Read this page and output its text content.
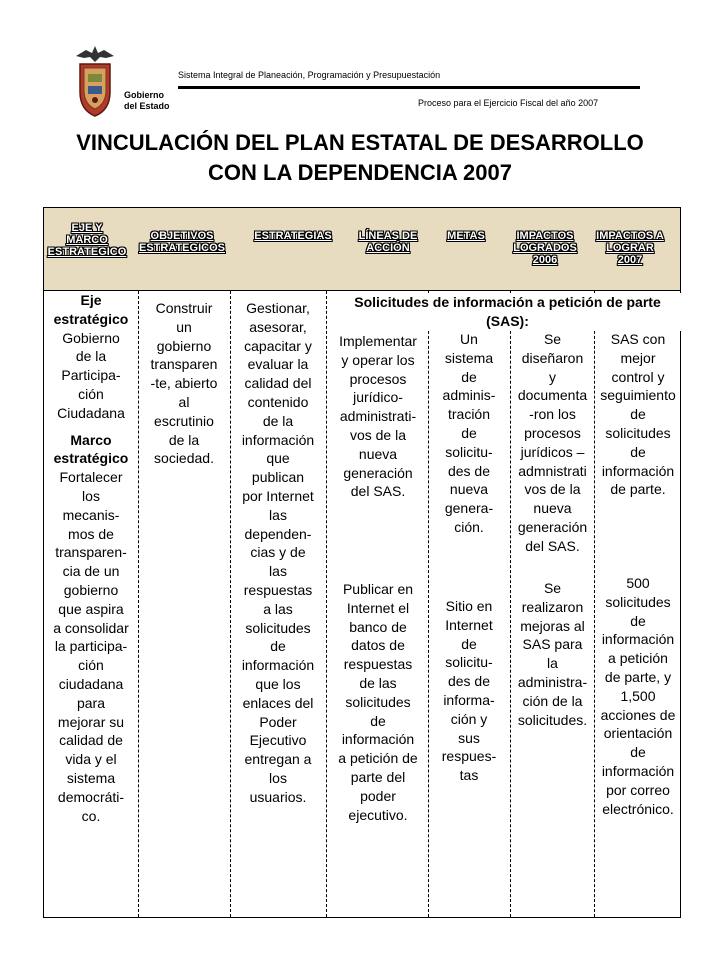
Gobierno
del Estado
Sistema Integral de Planeación, Programación y Presupuestación
Proceso para el Ejercicio Fiscal del año 2007
VINCULACIÓN DEL PLAN ESTATAL DE DESARROLLO
CON LA DEPENDENCIA 2007
EJE Y
MARCO
ESTRATEGICO
OBJETIVOS
ESTRATEGICOS
ESTRATEGIAS	LÍNEAS DE
ACCIÓN
METAS	IMPACTOS
LOGRADOS
2006
IMPACTOS A
LOGRAR
2007
Eje
estratégico
Gobierno
de la
Participa-
ción
Ciudadana
Marco
estratégico
Fortalecer
los
mecanis-
mos de
transparen-
cia de un
gobierno
que aspira
a consolidar
la participa-
ción
ciudadana
para
mejorar su
calidad de
vida y el
sistema
democráti-
co.
Construir
un
gobierno
transparen
-te, abierto
al
escrutinio
de la
sociedad.
Gestionar,
asesorar,
capacitar y
evaluar la
calidad del
contenido
de la
información
que
publican
por Internet
las
dependen-
cias y de
las
respuestas
a las
solicitudes
de
información
que los
enlaces del
Poder
Ejecutivo
entregan a
los
usuarios.
Solicitudes de información a petición de parte
(SAS):
Implementar
y operar los
procesos
jurídico-
administrati-
vos de la
nueva
generación
del SAS.
Publicar en
Internet el
banco de
datos de
respuestas
de las
solicitudes
de
información
a petición de
parte del
poder
ejecutivo.
Un
sistema
de
adminis-
tración
de
solicitu-
des de
nueva
genera-
ción.
Sitio en
Internet
de
solicitu-
des de
informa-
ción y
sus
respues-
tas
Se
diseñaron
y
documenta
-ron los
procesos
jurídicos –
admnistrati
vos de la
nueva
generación
del SAS.
Se
realizaron
mejoras al
SAS para
la
administra-
ción de la
solicitudes.
SAS con
mejor
control y
seguimiento
de
solicitudes
de
información
de parte.
500
solicitudes
de
información
a petición
de parte, y
1,500
acciones de
orientación
de
información
por correo
electrónico.
